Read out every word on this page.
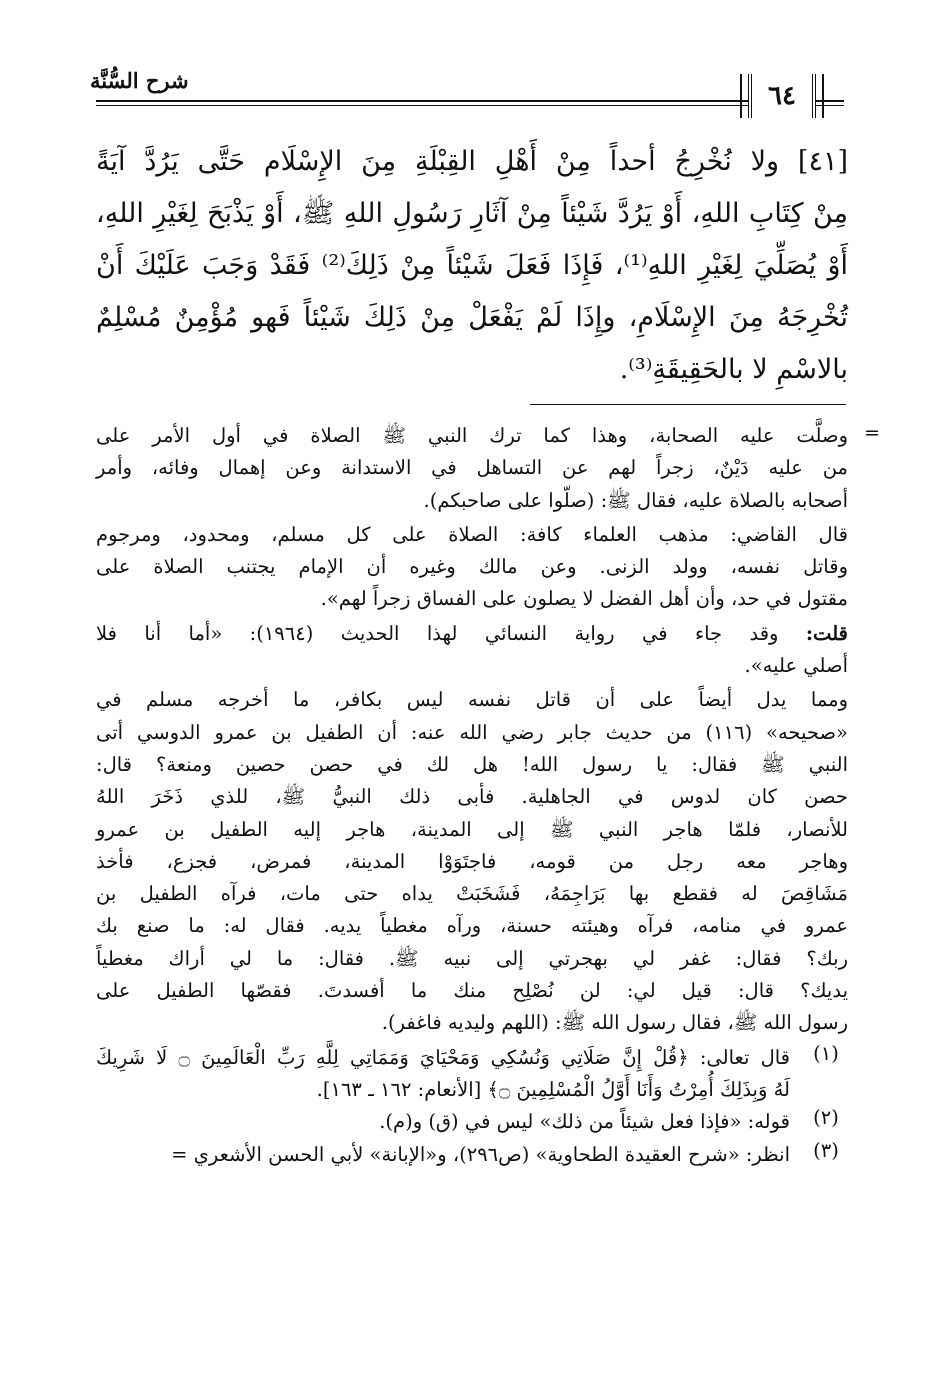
شرح السُّنَّة
٦٤
[٤١] ولا نُخْرِجُ أحداً مِنْ أَهْلِ القِبْلَةِ مِنَ الإِسْلَام حَتَّى يَرُدَّ آيَةً
مِنْ كِتَابِ اللهِ، أَوْ يَرُدَّ شَيْئاً مِنْ آثَارِ رَسُولِ اللهِ ﷺ، أَوْ يَذْبَحَ لِغَيْرِ اللهِ،
أَوْ يُصَلِّيَ لِغَيْرِ اللهِ⁽¹⁾، فَإِذَا فَعَلَ شَيْئاً مِنْ ذَلِكَ⁽²⁾ فَقَدْ وَجَبَ عَلَيْكَ أَنْ
تُخْرِجَهُ مِنَ الإِسْلَامِ، وإِذَا لَمْ يَفْعَلْ مِنْ ذَلِكَ شَيْئاً فَهو مُؤْمِنٌ مُسْلِمٌ
بالاسْمِ لا بالحَقِيقَةِ⁽³⁾.
=
وصلَّت عليه الصحابة، وهذا كما ترك النبي ﷺ الصلاة في أول الأمر على
من عليه دَيْنٌ، زجراً لهم عن التساهل في الاستدانة وعن إهمال وفائه، وأمر
أصحابه بالصلاة عليه، فقال ﷺ: (صلّوا على صاحبكم).
قال القاضي: مذهب العلماء كافة: الصلاة على كل مسلم، ومحدود، ومرجوم
وقاتل نفسه، وولد الزنى. وعن مالك وغيره أن الإمام يجتنب الصلاة على
مقتول في حد، وأن أهل الفضل لا يصلون على الفساق زجراً لهم».
قلت: وقد جاء في رواية النسائي لهذا الحديث (١٩٦٤): «أما أنا فلا
أصلي عليه».
ومما يدل أيضاً على أن قاتل نفسه ليس بكافر، ما أخرجه مسلم في
«صحيحه» (١١٦) من حديث جابر رضي الله عنه: أن الطفيل بن عمرو الدوسي أتى
النبي ﷺ فقال: يا رسول الله! هل لك في حصن حصين ومنعة؟ قال:
حصن كان لدوس في الجاهلية. فأبى ذلك النبيُّ ﷺ، للذي ذَخَرَ اللهُ
للأنصار، فلمّا هاجر النبي ﷺ إلى المدينة، هاجر إليه الطفيل بن عمرو
وهاجر معه رجل من قومه، فاجتَوَوْا المدينة، فمرض، فجزع، فأخذ
مَشَاقِصَ له فقطع بها بَرَاجِمَهُ، فَشَخَبَتْ يداه حتى مات، فرآه الطفيل بن
عمرو في منامه، فرآه وهيئته حسنة، ورآه مغطياً يديه. فقال له: ما صنع بك
ربك؟ فقال: غفر لي بهجرتي إلى نبيه ﷺ. فقال: ما لي أراك مغطياً
يديك؟ قال: قيل لي: لن نُصْلِح منك ما أفسدتَ. فقصّها الطفيل على
رسول الله ﷺ، فقال رسول الله ﷺ: (اللهم وليديه فاغفر).
(١)
قال تعالى: ﴿قُلْ إِنَّ صَلَاتِي وَنُسُكِي وَمَحْيَايَ وَمَمَاتِي لِلَّهِ رَبِّ الْعَالَمِينَ ۝ لَا شَرِيكَ
لَهُ وَبِذَلِكَ أُمِرْتُ وَأَنَا أَوَّلُ الْمُسْلِمِينَ ۝﴾ [الأنعام: ١٦٢ ـ ١٦٣].
(٢)
قوله: «فإذا فعل شيئاً من ذلك» ليس في (ق) و(م).
(٣)
انظر: «شرح العقيدة الطحاوية» (ص٢٩٦)، و«الإبانة» لأبي الحسن الأشعري =
